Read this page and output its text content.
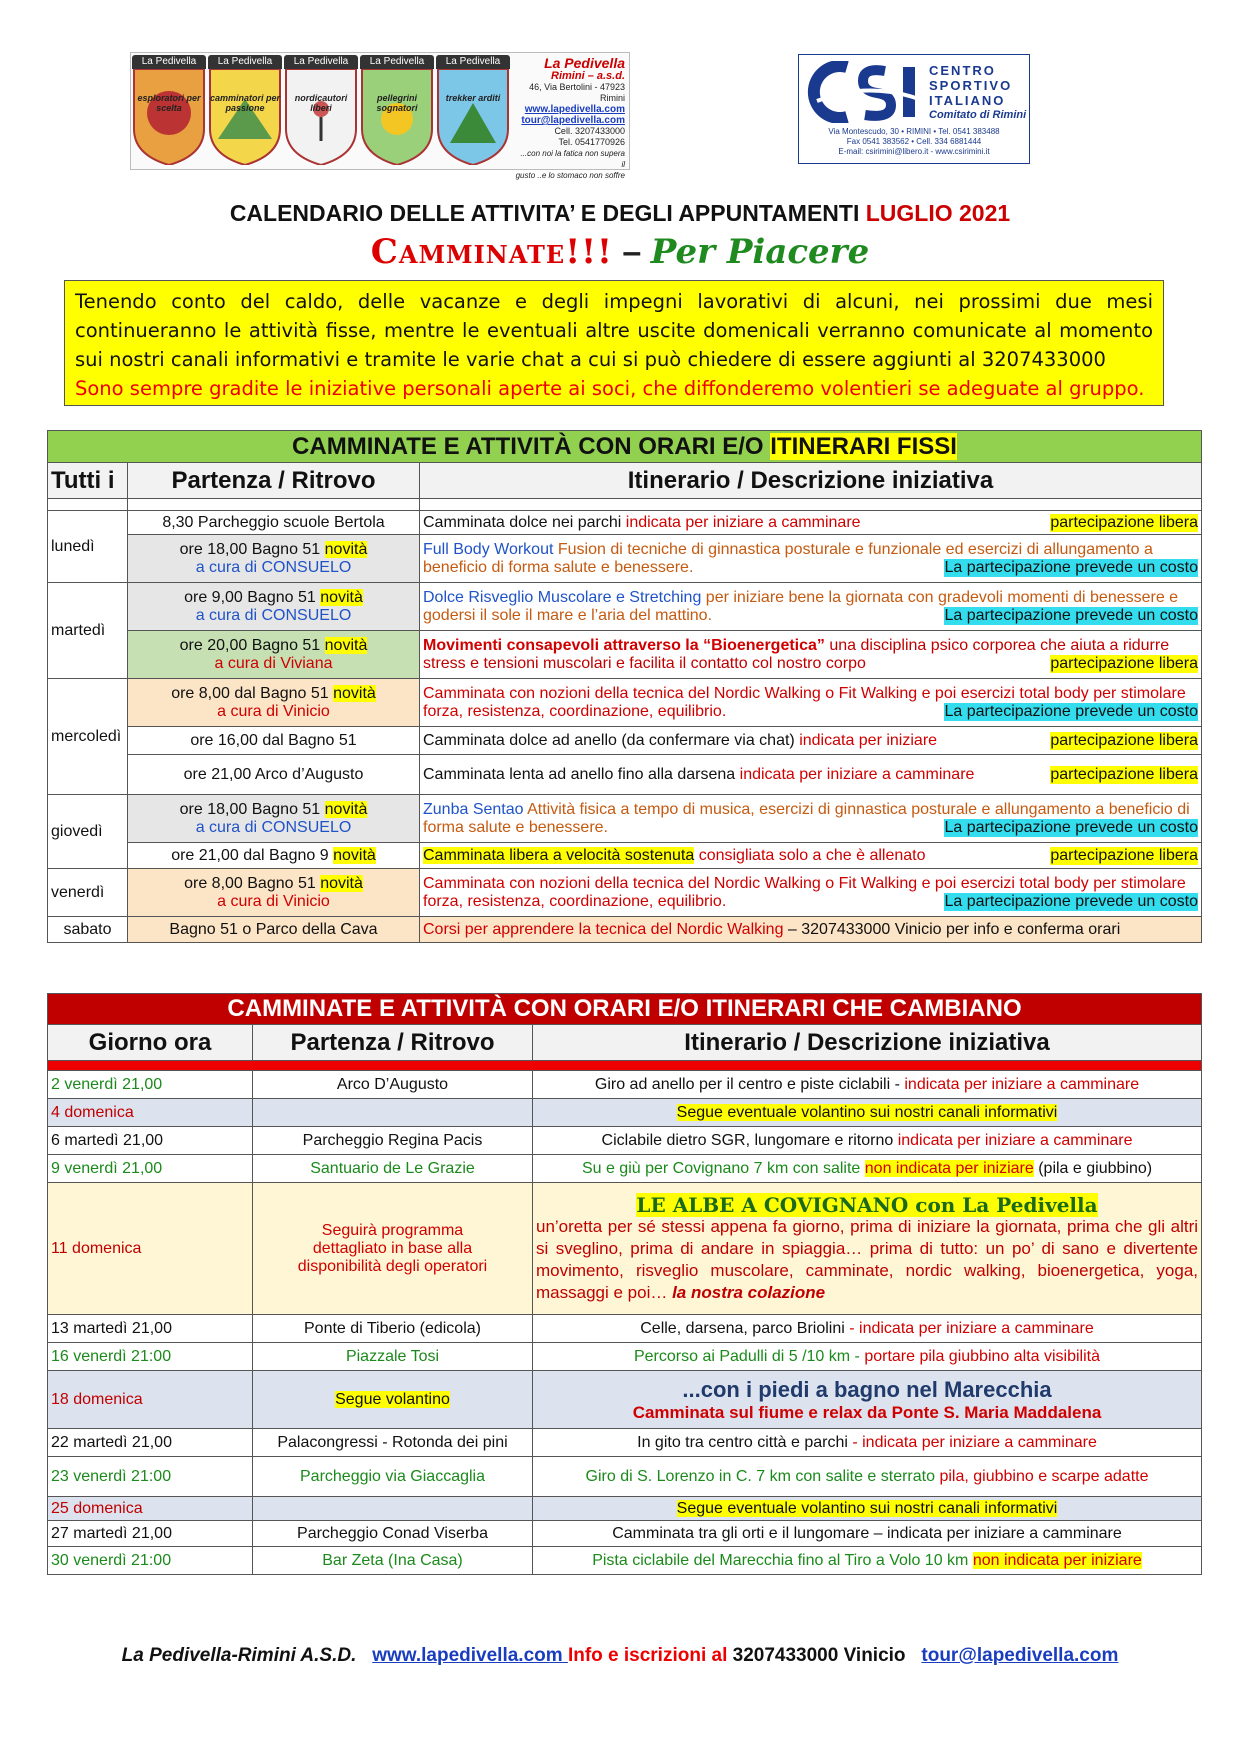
La Pedivella
esploratori per scelta
La Pedivella
camminatori per passione
La Pedivella
nordicautori liberi
La Pedivella
pellegrini sognatori
La Pedivella
trekker arditi
La Pedivella
Rimini – a.s.d.
46, Via Bertolini - 47923 Rimini
www.lapedivella.com
tour@lapedivella.com
Cell. 3207433000
Tel. 0541770926
...con noi la fatica non supera il
gusto ..e lo stomaco non soffre
CENTRO
SPORTIVO
ITALIANO
Comitato di Rimini
Via Montescudo, 30 • RIMINI • Tel. 0541 383488
Fax 0541 383562 • Cell. 334 6881444
E-mail: csirimini@libero.it - www.csirimini.it
CALENDARIO DELLE ATTIVITA’ E DEGLI APPUNTAMENTI LUGLIO 2021
Camminate!!! – Per Piacere
Tenendo conto del caldo, delle vacanze e degli impegni lavorativi di alcuni, nei prossimi due mesi continueranno le attività fisse, mentre le eventuali altre uscite domenicali verranno comunicate al momento sui nostri canali informativi e tramite le varie chat a cui si può chiedere di essere aggiunti al 3207433000
Sono sempre gradite le iniziative personali aperte ai soci, che diffonderemo volentieri se adeguate al gruppo.
CAMMINATE E ATTIVITÀ CON ORARI E/O ITINERARI FISSI		
Tutti i	Partenza / Ritrovo	Itinerario / Descrizione iniziativa

lunedì	8,30 Parcheggio scuole Bertola	Camminata dolce nei parchi indicata per iniziare a camminare partecipazione libera

	ore 18,00 Bagno 51 novità
a cura di CONSUELO	Full Body Workout Fusion di tecniche di ginnastica posturale e funzionale ed esercizi di allungamento a beneficio di forma salute e benessere. La partecipazione prevede un costo

martedì	ore 9,00 Bagno 51 novità
a cura di CONSUELO	Dolce Risveglio Muscolare e Stretching per iniziare bene la giornata con gradevoli momenti di benessere e godersi il sole il mare e l’aria del mattino. La partecipazione prevede un costo

	ore 20,00 Bagno 51 novità
a cura di Viviana	Movimenti consapevoli attraverso la “Bioenergetica” una disciplina psico corporea che aiuta a ridurre stress e tensioni muscolari e facilita il contatto col nostro corpo partecipazione libera

mercoledì	ore 8,00 dal Bagno 51 novità
a cura di Vinicio	Camminata con nozioni della tecnica del Nordic Walking o Fit Walking e poi esercizi total body per stimolare forza, resistenza, coordinazione, equilibrio. La partecipazione prevede un costo

	ore 16,00 dal Bagno 51	Camminata dolce ad anello (da confermare via chat) indicata per iniziare partecipazione libera

	ore 21,00 Arco d’Augusto	Camminata lenta ad anello fino alla darsena indicata per iniziare a camminare partecipazione libera

giovedì	ore 18,00 Bagno 51 novità
a cura di CONSUELO	Zunba Sentao Attività fisica a tempo di musica, esercizi di ginnastica posturale e allungamento a beneficio di forma salute e benessere. La partecipazione prevede un costo

	ore 21,00 dal Bagno 9 novità	Camminata libera a velocità sostenuta consigliata solo a che è allenato partecipazione libera

venerdì	ore 8,00 Bagno 51 novità
a cura di Vinicio	Camminata con nozioni della tecnica del Nordic Walking o Fit Walking e poi esercizi total body per stimolare forza, resistenza, coordinazione, equilibrio. La partecipazione prevede un costo

sabato	Bagno 51 o Parco della Cava	Corsi per apprendere la tecnica del Nordic Walking – 3207433000 Vinicio per info e conferma orari
CAMMINATE E ATTIVITÀ CON ORARI E/O ITINERARI CHE CAMBIANO		
Giorno ora	Partenza / Ritrovo	Itinerario / Descrizione iniziativa

2 venerdì 21,00	Arco D’Augusto	Giro ad anello per il centro e piste ciclabili - indicata per iniziare a camminare
4 domenica		Segue eventuale volantino sui nostri canali informativi
6 martedì 21,00	Parcheggio Regina Pacis	Ciclabile dietro SGR, lungomare e ritorno indicata per iniziare a camminare
9 venerdì 21,00	Santuario de Le Grazie	Su e giù per Covignano 7 km con salite non indicata per iniziare (pila e giubbino)
11 domenica	Seguirà programma dettagliato in base alla disponibilità degli operatori	LE ALBE A COVIGNANO con La Pedivella
un’oretta per sé stessi appena fa giorno, prima di iniziare la giornata, prima che gli altri si sveglino, prima di andare in spiaggia… prima di tutto: un po’ di sano e divertente movimento, risveglio muscolare, camminate, nordic walking, bioenergetica, yoga, massaggi e poi… la nostra colazione
13 martedì 21,00	Ponte di Tiberio (edicola)	Celle, darsena, parco Briolini - indicata per iniziare a camminare
16 venerdì 21:00	Piazzale Tosi	Percorso ai Padulli di 5 /10 km - portare pila giubbino alta visibilità
18 domenica	Segue volantino	...con i piedi a bagno nel Marecchia
Camminata sul fiume e relax da Ponte S. Maria Maddalena

22 martedì 21,00	Palacongressi - Rotonda dei pini	In gito tra centro città e parchi - indicata per iniziare a camminare
23 venerdì 21:00	Parcheggio via Giaccaglia	Giro di S. Lorenzo in C. 7 km con salite e sterrato pila, giubbino e scarpe adatte
25 domenica		Segue eventuale volantino sui nostri canali informativi
27 martedì 21,00	Parcheggio Conad Viserba	Camminata tra gli orti e il lungomare – indicata per iniziare a camminare
30 venerdì 21:00	Bar Zeta (Ina Casa)	Pista ciclabile del Marecchia fino al Tiro a Volo 10 km non indicata per iniziare
La Pedivella-Rimini A.S.D. www.lapedivella.com Info e iscrizioni al 3207433000 Vinicio tour@lapedivella.com
